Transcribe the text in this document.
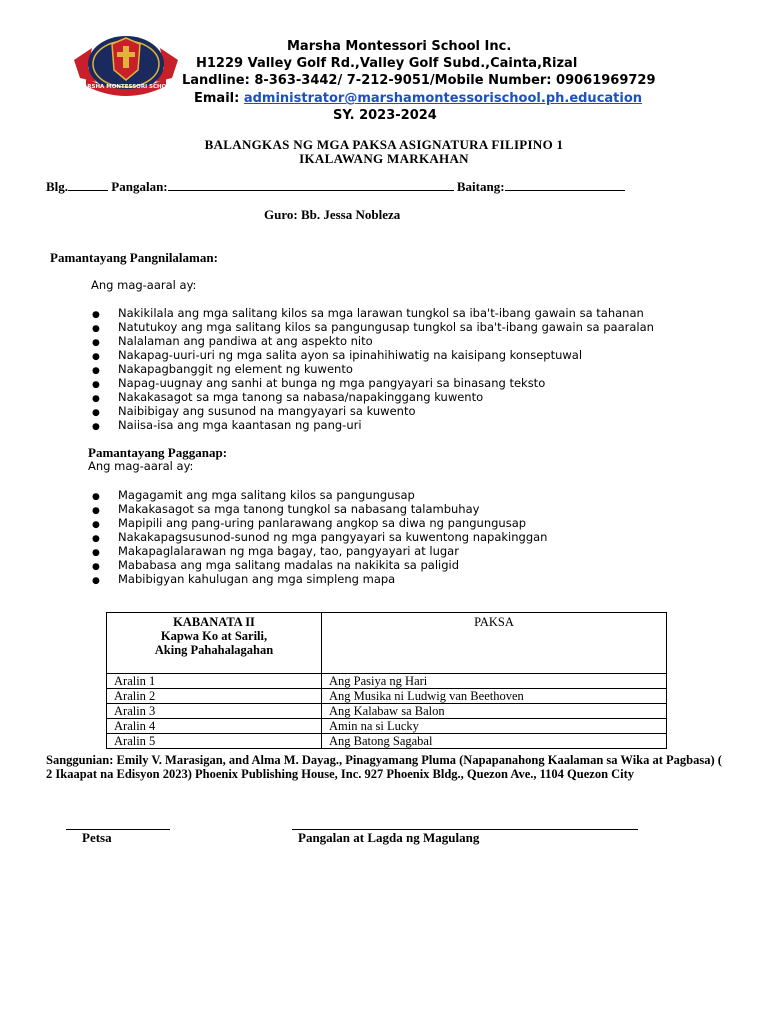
MARSHA MONTESSORI SCHOOL
Marsha Montessori School Inc.
H1229 Valley Golf Rd.,Valley Golf Subd.,Cainta,Rizal
Landline: 8-363-3442/ 7-212-9051/Mobile Number: 09061969729
Email: administrator@marshamontessorischool.ph.education
SY. 2023-2024
BALANGKAS NG MGA PAKSA ASIGNATURA FILIPINO 1
IKALAWANG MARKAHAN
Blg.	Pangalan:	Baitang:
Guro: Bb. Jessa Nobleza
Pamantayang Pangnilalaman:
Ang mag-aaral ay:
● Nakikilala ang mga salitang kilos sa mga larawan tungkol sa iba't-ibang gawain sa tahanan
● Natutukoy ang mga salitang kilos sa pangungusap tungkol sa iba't-ibang gawain sa paaralan
● Nalalaman ang pandiwa at ang aspekto nito
● Nakapag-uuri-uri ng mga salita ayon sa ipinahihiwatig na kaisipang konseptuwal
● Nakapagbanggit ng element ng kuwento
● Napag-uugnay ang sanhi at bunga ng mga pangyayari sa binasang teksto
● Nakakasagot sa mga tanong sa nabasa/napakinggang kuwento
● Naibibigay ang susunod na mangyayari sa kuwento
● Naiisa-isa ang mga kaantasan ng pang-uri
Pamantayang Pagganap:
Ang mag-aaral ay:
● Magagamit ang mga salitang kilos sa pangungusap
● Makakasagot sa mga tanong tungkol sa nabasang talambuhay
● Mapipili ang pang-uring panlarawang angkop sa diwa ng pangungusap
● Nakakapagsusunod-sunod ng mga pangyayari sa kuwentong napakinggan
● Makapaglalarawan ng mga bagay, tao, pangyayari at lugar
● Mababasa ang mga salitang madalas na nakikita sa paligid
● Mabibigyan kahulugan ang mga simpleng mapa
KABANATA II
Kapwa Ko at Sarili,
Aking Pahahalagahan	PAKSA
Aralin 1	Ang Pasiya ng Hari
Aralin 2	Ang Musika ni Ludwig van Beethoven
Aralin 3	Ang Kalabaw sa Balon
Aralin 4	Amin na si Lucky
Aralin 5	Ang Batong Sagabal
Sanggunian: Emily V. Marasigan, and Alma M. Dayag., Pinagyamang Pluma (Napapanahong Kaalaman sa Wika at Pagbasa) ( 2 Ikaapat na Edisyon 2023) Phoenix Publishing House, Inc. 927 Phoenix Bldg., Quezon Ave., 1104 Quezon City
Petsa	Pangalan at Lagda ng Magulang
